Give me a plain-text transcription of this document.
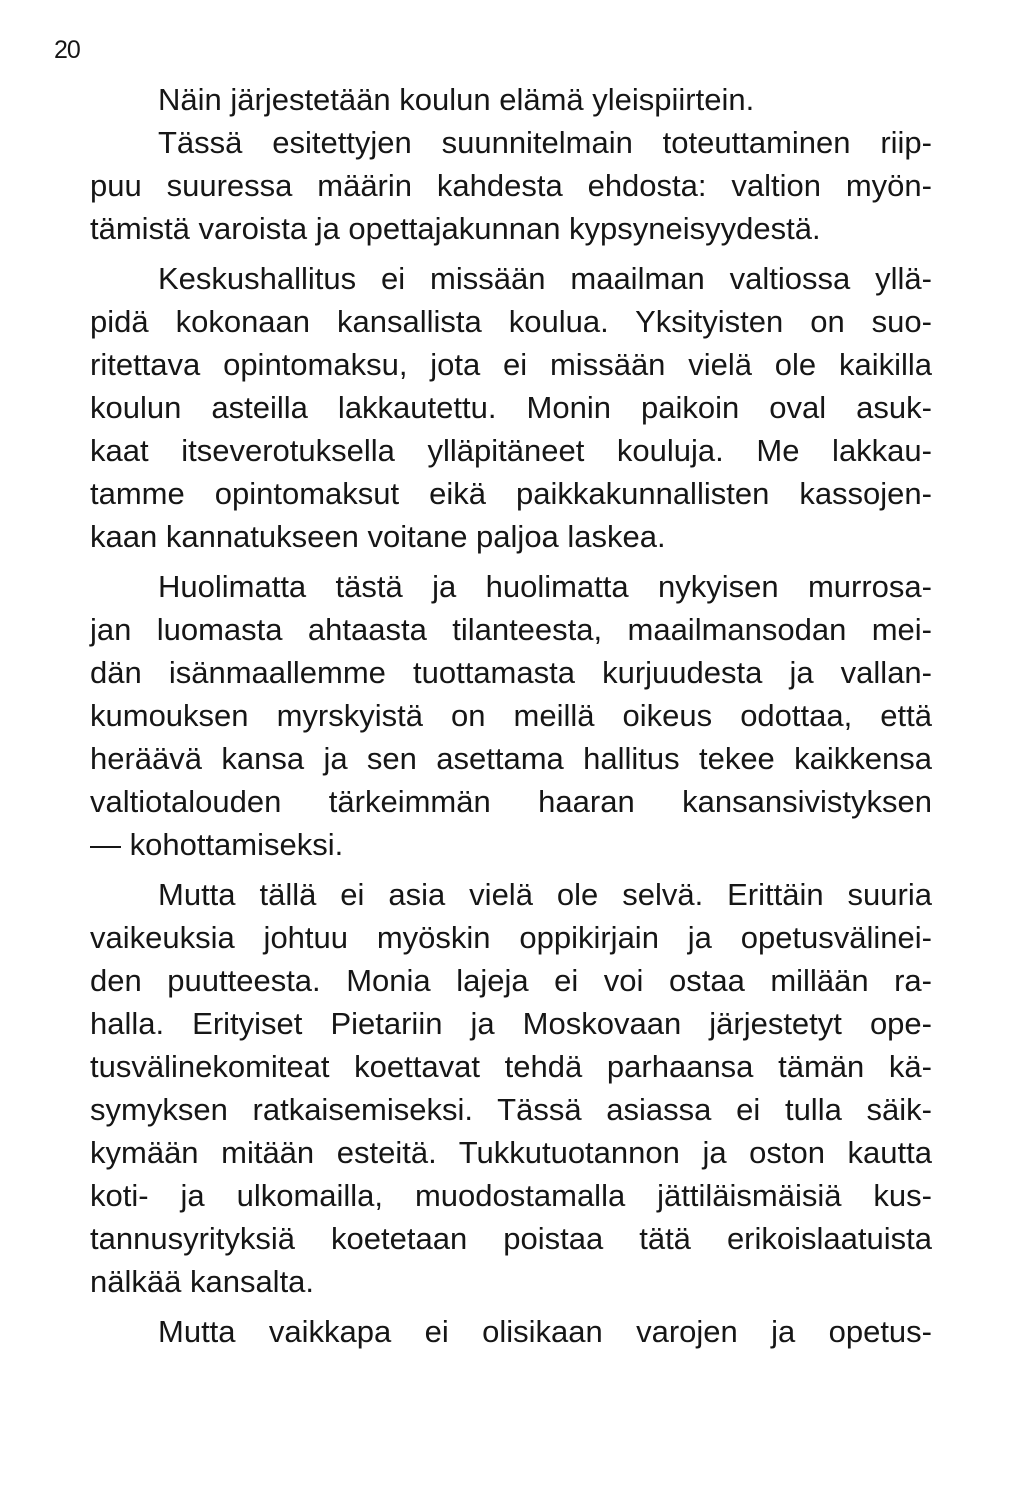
20
Näin järjestetään koulun elämä yleispiirtein.
Tässä esitettyjen suunnitelmain toteuttaminen riip-
puu suuressa määrin kahdesta ehdosta: valtion myön-
tämistä varoista ja opettajakunnan kypsyneisyydestä.
Keskushallitus ei missään maailman valtiossa yllä-
pidä kokonaan kansallista koulua. Yksityisten on suo-
ritettava opintomaksu, jota ei missään vielä ole kaikilla
koulun asteilla lakkautettu. Monin paikoin oval asuk-
kaat itseverotuksella ylläpitäneet kouluja. Me lakkau-
tamme opintomaksut eikä paikkakunnallisten kassojen-
kaan kannatukseen voitane paljoa laskea.
Huolimatta tästä ja huolimatta nykyisen murrosa-
jan luomasta ahtaasta tilanteesta, maailmansodan mei-
dän isänmaallemme tuottamasta kurjuudesta ja vallan-
kumouksen myrskyistä on meillä oikeus odottaa, että
heräävä kansa ja sen asettama hallitus tekee kaikkensa
valtiotalouden tärkeimmän haaran kansansivistyksen
— kohottamiseksi.
Mutta tällä ei asia vielä ole selvä. Erittäin suuria
vaikeuksia johtuu myöskin oppikirjain ja opetusvälinei-
den puutteesta. Monia lajeja ei voi ostaa millään ra-
halla. Erityiset Pietariin ja Moskovaan järjestetyt ope-
tusvälinekomiteat koettavat tehdä parhaansa tämän kä-
symyksen ratkaisemiseksi. Tässä asiassa ei tulla säik-
kymään mitään esteitä. Tukkutuotannon ja oston kautta
koti- ja ulkomailla, muodostamalla jättiläismäisiä kus-
tannusyrityksiä koetetaan poistaa tätä erikoislaatuista
nälkää kansalta.
Mutta vaikkapa ei olisikaan varojen ja opetus-
